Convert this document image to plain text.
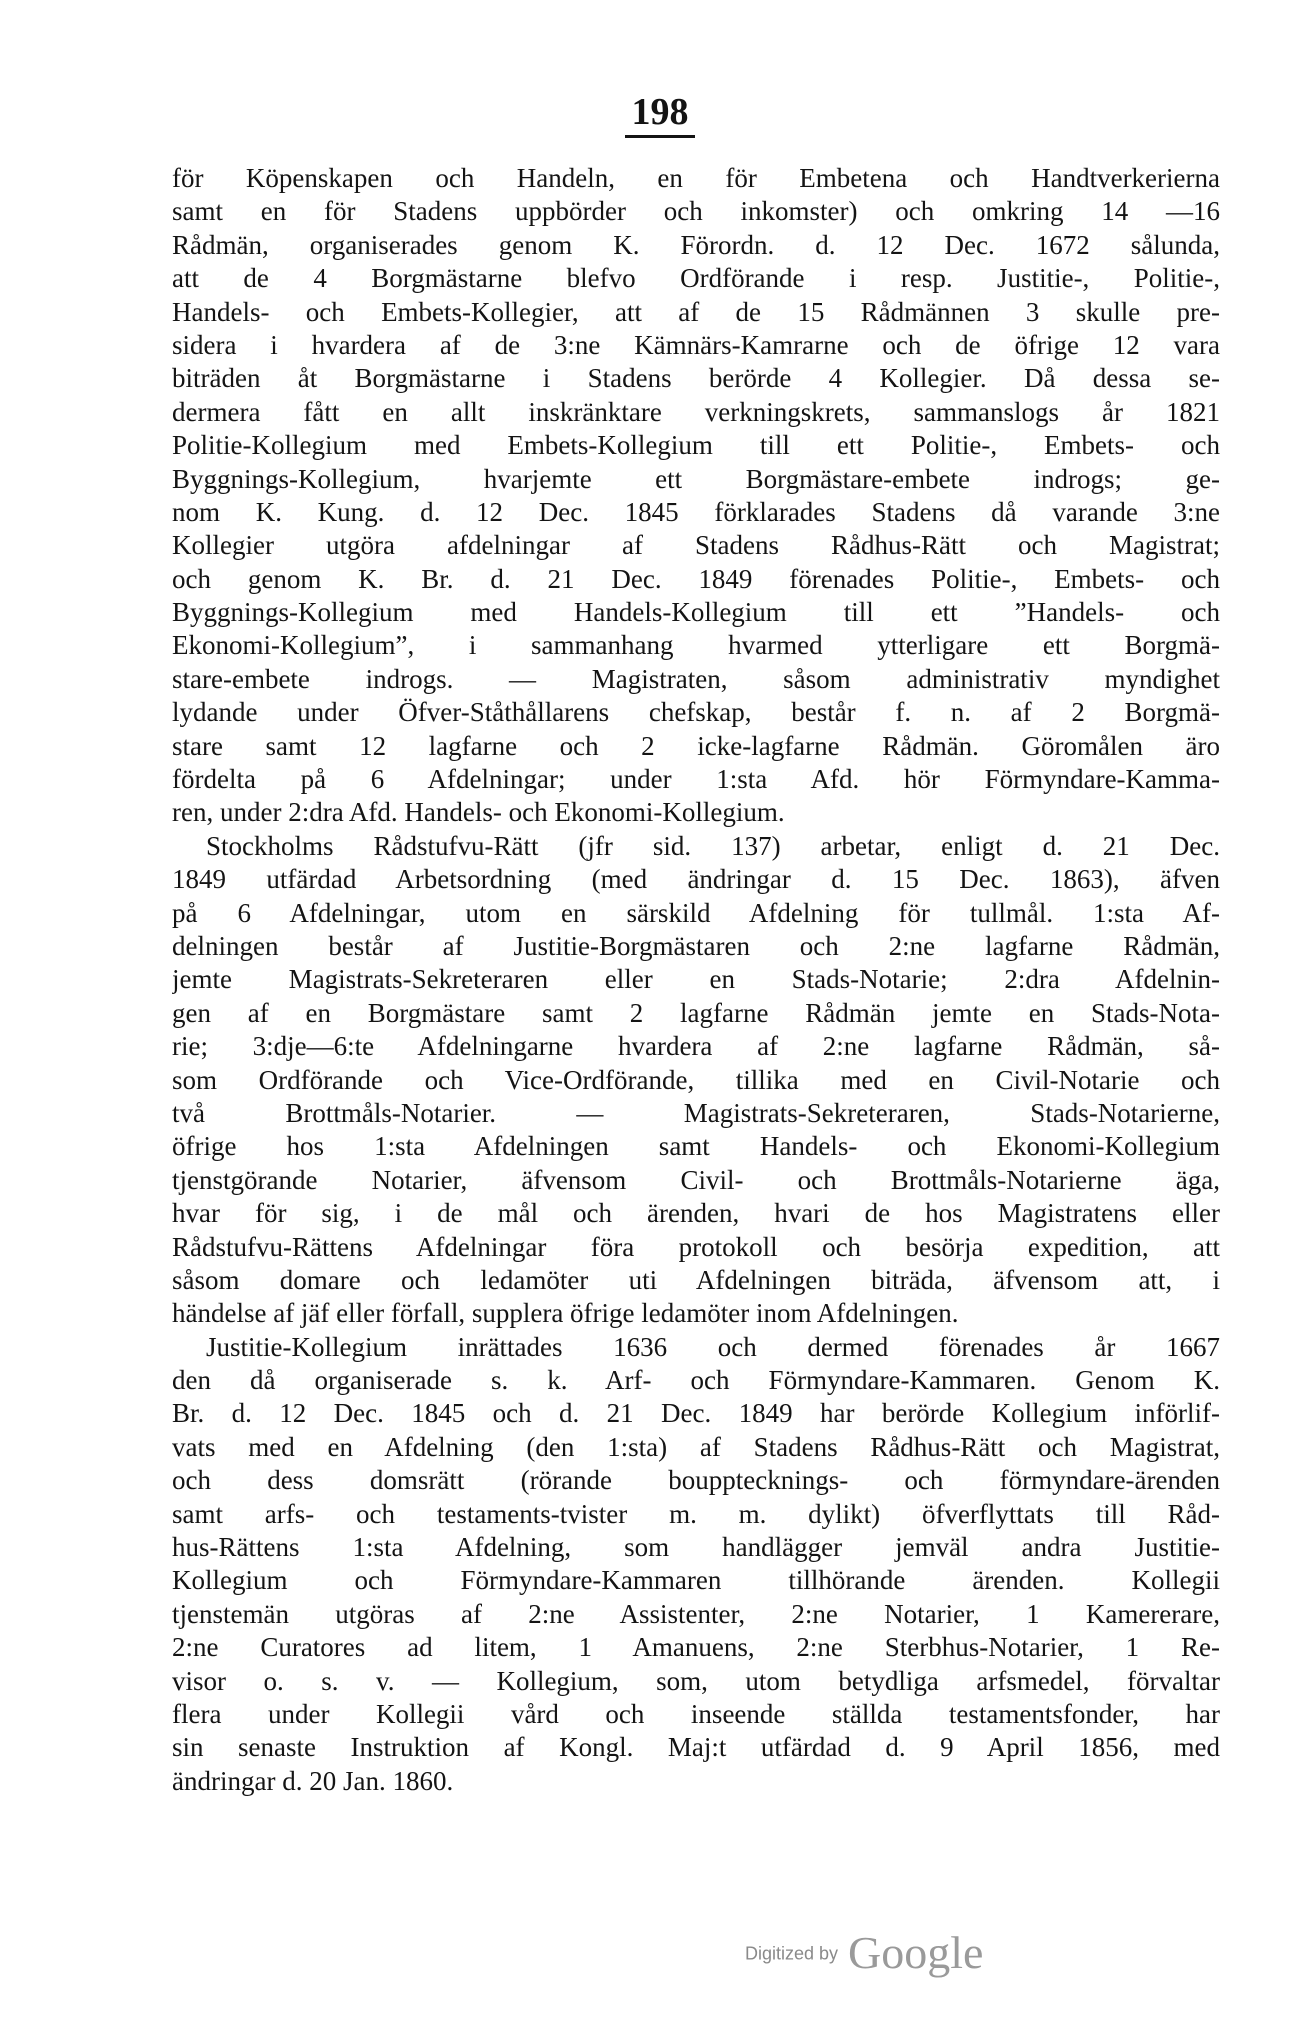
198
för Köpenskapen och Handeln, en för Embetena och Handtverkerierna
samt en för Stadens uppbörder och inkomster) och omkring 14 —16
Rådmän, organiserades genom K. Förordn. d. 12 Dec. 1672 sålunda,
att de 4 Borgmästarne blefvo Ordförande i resp. Justitie-, Politie-,
Handels- och Embets-Kollegier, att af de 15 Rådmännen 3 skulle pre-
sidera i hvardera af de 3:ne Kämnärs-Kamrarne och de öfrige 12 vara
biträden åt Borgmästarne i Stadens berörde 4 Kollegier. Då dessa se-
dermera fått en allt inskränktare verkningskrets, sammanslogs år 1821
Politie-Kollegium med Embets-Kollegium till ett Politie-, Embets- och
Byggnings-Kollegium, hvarjemte ett Borgmästare-embete indrogs; ge-
nom K. Kung. d. 12 Dec. 1845 förklarades Stadens då varande 3:ne
Kollegier utgöra afdelningar af Stadens Rådhus-Rätt och Magistrat;
och genom K. Br. d. 21 Dec. 1849 förenades Politie-, Embets- och
Byggnings-Kollegium med Handels-Kollegium till ett ”Handels- och
Ekonomi-Kollegium”, i sammanhang hvarmed ytterligare ett Borgmä-
stare-embete indrogs. — Magistraten, såsom administrativ myndighet
lydande under Öfver-Ståthållarens chefskap, består f. n. af 2 Borgmä-
stare samt 12 lagfarne och 2 icke-lagfarne Rådmän. Göromålen äro
fördelta på 6 Afdelningar; under 1:sta Afd. hör Förmyndare-Kamma-
ren, under 2:dra Afd. Handels- och Ekonomi-Kollegium.
Stockholms Rådstufvu-Rätt (jfr sid. 137) arbetar, enligt d. 21 Dec.
1849 utfärdad Arbetsordning (med ändringar d. 15 Dec. 1863), äfven
på 6 Afdelningar, utom en särskild Afdelning för tullmål. 1:sta Af-
delningen består af Justitie-Borgmästaren och 2:ne lagfarne Rådmän,
jemte Magistrats-Sekreteraren eller en Stads-Notarie; 2:dra Afdelnin-
gen af en Borgmästare samt 2 lagfarne Rådmän jemte en Stads-Nota-
rie; 3:dje—6:te Afdelningarne hvardera af 2:ne lagfarne Rådmän, så-
som Ordförande och Vice-Ordförande, tillika med en Civil-Notarie och
två Brottmåls-Notarier. — Magistrats-Sekreteraren, Stads-Notarierne,
öfrige hos 1:sta Afdelningen samt Handels- och Ekonomi-Kollegium
tjenstgörande Notarier, äfvensom Civil- och Brottmåls-Notarierne äga,
hvar för sig, i de mål och ärenden, hvari de hos Magistratens eller
Rådstufvu-Rättens Afdelningar föra protokoll och besörja expedition, att
såsom domare och ledamöter uti Afdelningen biträda, äfvensom att, i
händelse af jäf eller förfall, supplera öfrige ledamöter inom Afdelningen.
Justitie-Kollegium inrättades 1636 och dermed förenades år 1667
den då organiserade s. k. Arf- och Förmyndare-Kammaren. Genom K.
Br. d. 12 Dec. 1845 och d. 21 Dec. 1849 har berörde Kollegium införlif-
vats med en Afdelning (den 1:sta) af Stadens Rådhus-Rätt och Magistrat,
och dess domsrätt (rörande boupptecknings- och förmyndare-ärenden
samt arfs- och testaments-tvister m. m. dylikt) öfverflyttats till Råd-
hus-Rättens 1:sta Afdelning, som handlägger jemväl andra Justitie-
Kollegium och Förmyndare-Kammaren tillhörande ärenden. Kollegii
tjenstemän utgöras af 2:ne Assistenter, 2:ne Notarier, 1 Kamererare,
2:ne Curatores ad litem, 1 Amanuens, 2:ne Sterbhus-Notarier, 1 Re-
visor o. s. v. — Kollegium, som, utom betydliga arfsmedel, förvaltar
flera under Kollegii vård och inseende ställda testamentsfonder, har
sin senaste Instruktion af Kongl. Maj:t utfärdad d. 9 April 1856, med
ändringar d. 20 Jan. 1860.
Digitized by Google
